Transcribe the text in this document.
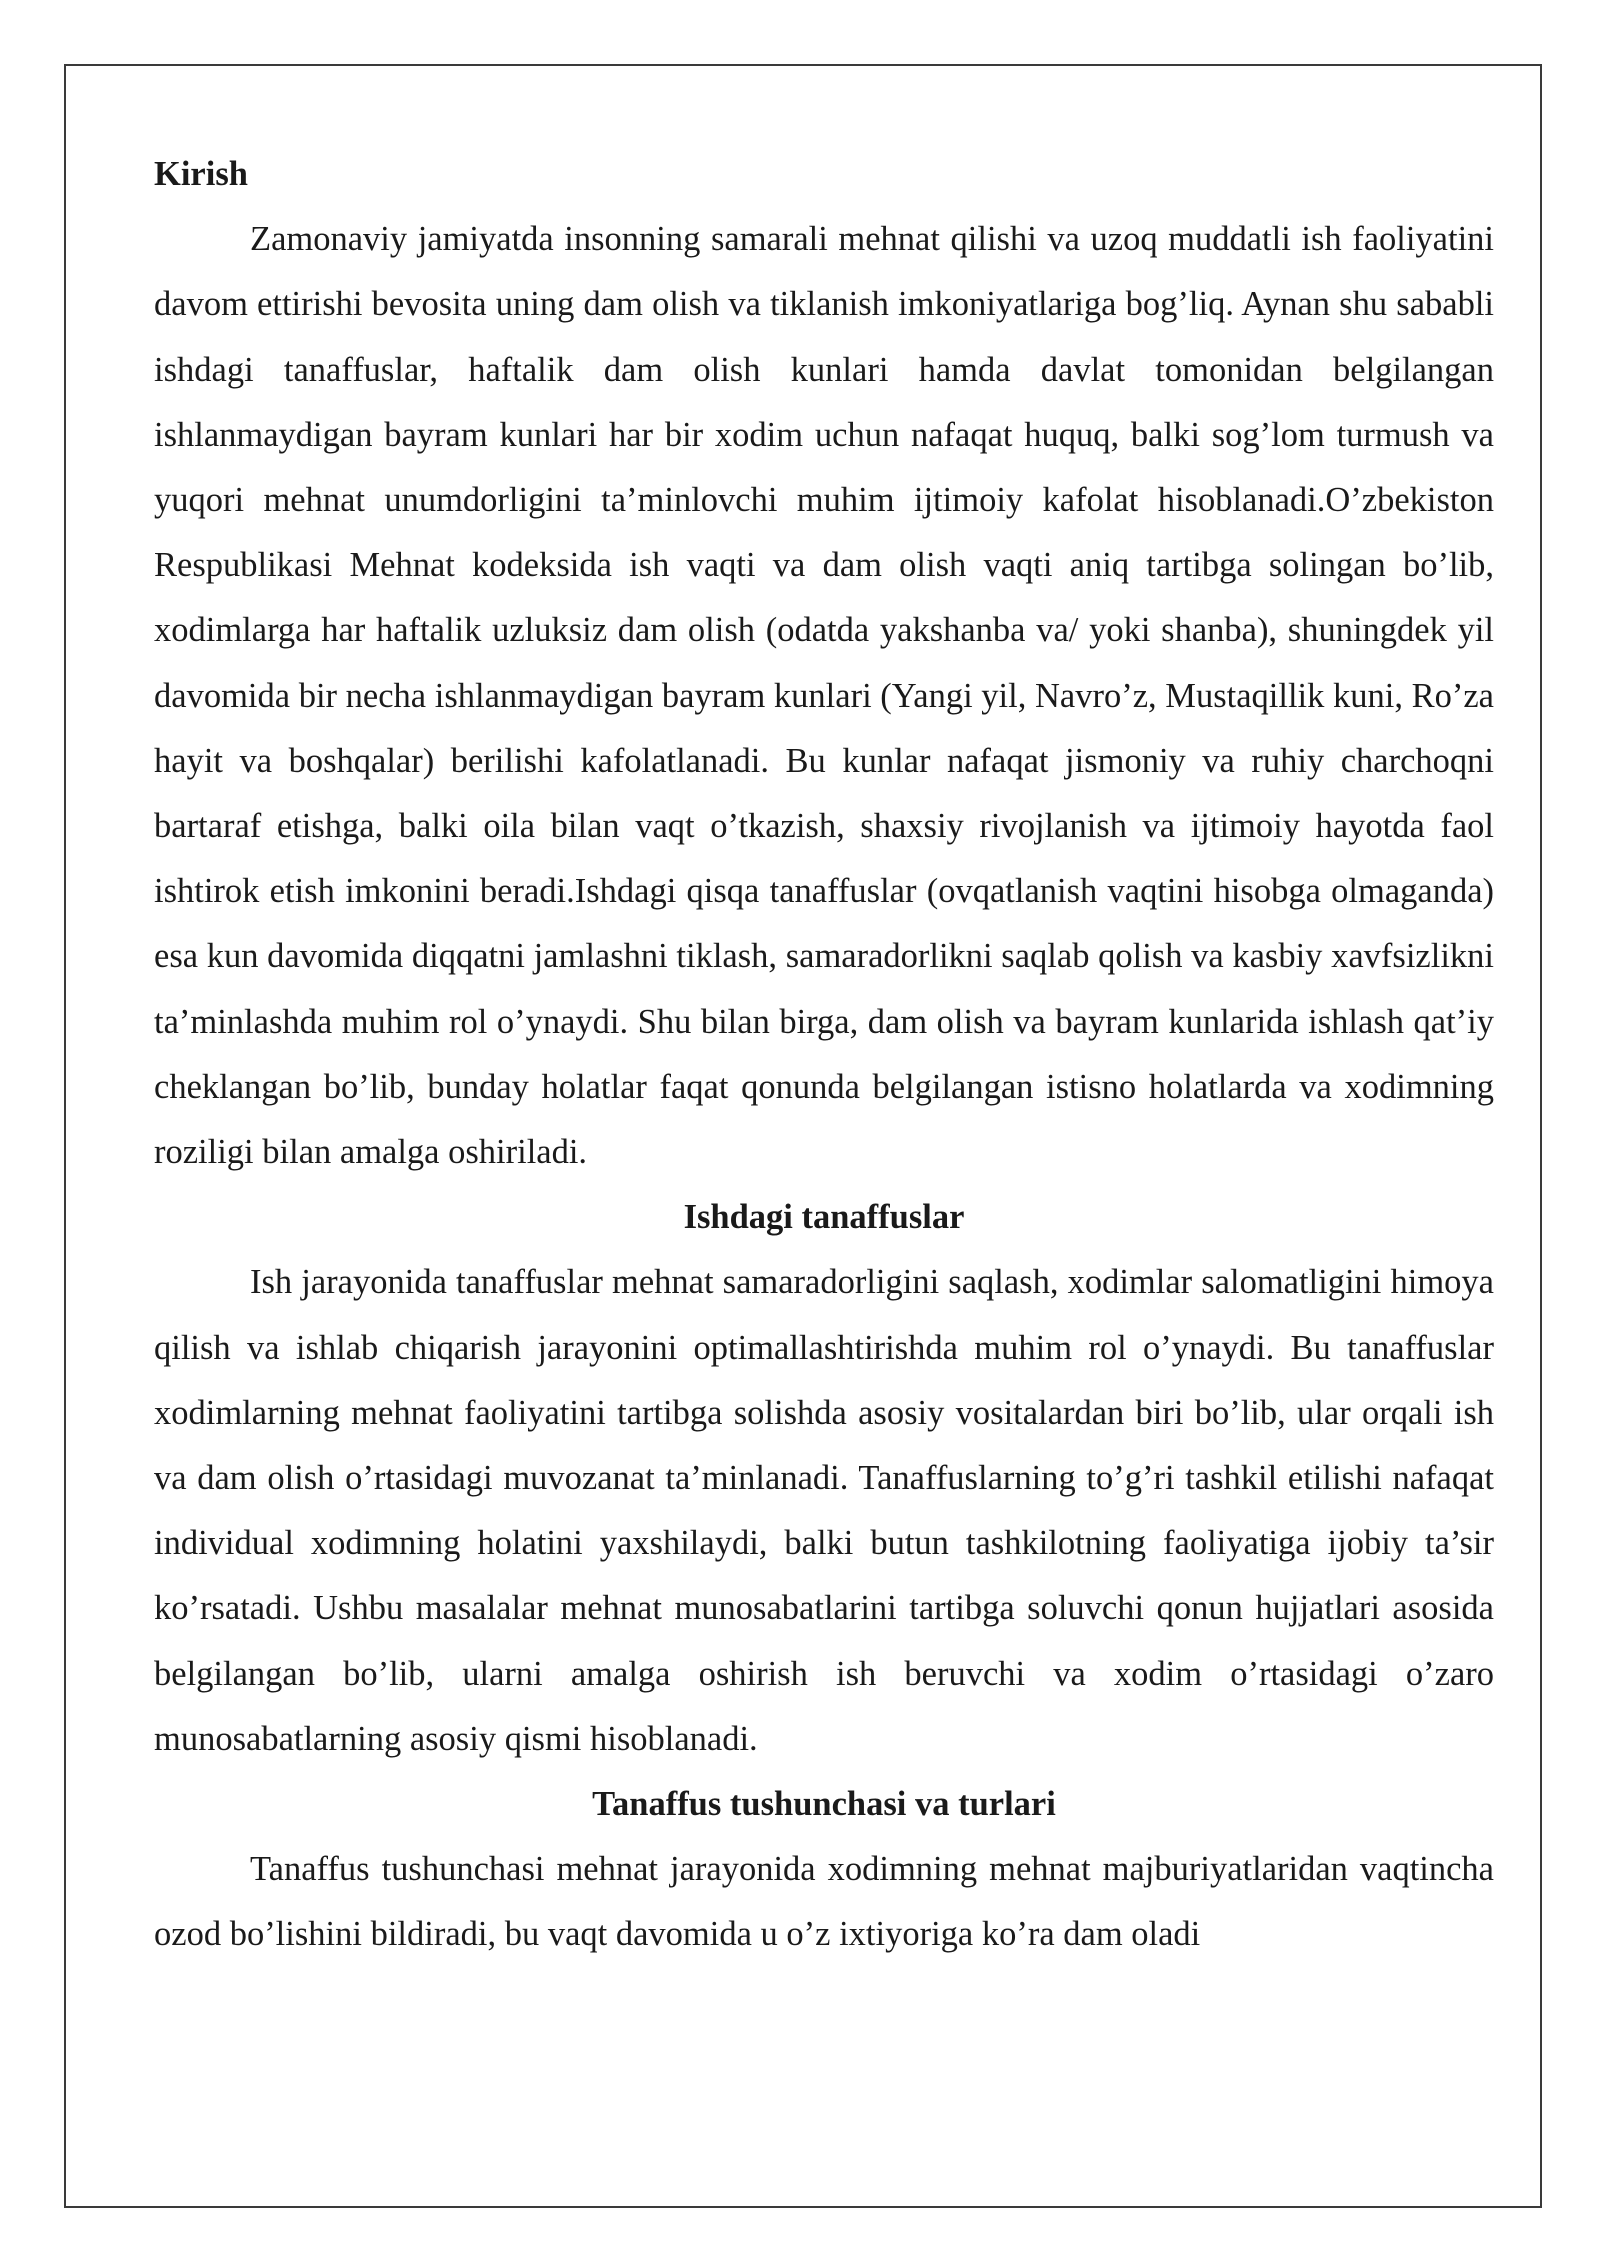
Kirish

Zamonaviy jamiyatda insonning samarali mehnat qilishi va uzoq muddatli ish faoliyatini davom ettirishi bevosita uning dam olish va tiklanish imkoniyatlariga bog’liq. Aynan shu sababli ishdagi tanaffuslar, haftalik dam olish kunlari hamda davlat tomonidan belgilangan ishlanmaydigan bayram kunlari har bir xodim uchun nafaqat huquq, balki sog’lom turmush va yuqori mehnat unumdorligini ta’minlovchi muhim ijtimoiy kafolat hisoblanadi.O’zbekiston Respublikasi Mehnat kodeksida ish vaqti va dam olish vaqti aniq tartibga solingan bo’lib, xodimlarga har haftalik uzluksiz dam olish (odatda yakshanba va/ yoki shanba), shuningdek yil davomida bir necha ishlanmaydigan bayram kunlari (Yangi yil, Navro’z, Mustaqillik kuni, Ro’za hayit va boshqalar) berilishi kafolatlanadi. Bu kunlar nafaqat jismoniy va ruhiy charchoqni bartaraf etishga, balki oila bilan vaqt o’tkazish, shaxsiy rivojlanish va ijtimoiy hayotda faol ishtirok etish imkonini beradi.Ishdagi qisqa tanaffuslar (ovqatlanish vaqtini hisobga olmaganda) esa kun davomida diqqatni jamlashni tiklash, samaradorlikni saqlab qolish va kasbiy xavfsizlikni ta’minlashda muhim rol o’ynaydi. Shu bilan birga, dam olish va bayram kunlarida ishlash qat’iy cheklangan bo’lib, bunday holatlar faqat qonunda belgilangan istisno holatlarda va xodimning roziligi bilan amalga oshiriladi.

Ishdagi tanaffuslar

Ish jarayonida tanaffuslar mehnat samaradorligini saqlash, xodimlar salomatligini himoya qilish va ishlab chiqarish jarayonini optimallashtirishda muhim rol o’ynaydi. Bu tanaffuslar xodimlarning mehnat faoliyatini tartibga solishda asosiy vositalardan biri bo’lib, ular orqali ish va dam olish o’rtasidagi muvozanat ta’minlanadi. Tanaffuslarning to’g’ri tashkil etilishi nafaqat individual xodimning holatini yaxshilaydi, balki butun tashkilotning faoliyatiga ijobiy ta’sir ko’rsatadi. Ushbu masalalar mehnat munosabatlarini tartibga soluvchi qonun hujjatlari asosida belgilangan bo’lib, ularni amalga oshirish ish beruvchi va xodim o’rtasidagi o’zaro munosabatlarning asosiy qismi hisoblanadi.

Tanaffus tushunchasi va turlari

Tanaffus tushunchasi mehnat jarayonida xodimning mehnat majburiyatlaridan vaqtincha ozod bo’lishini bildiradi, bu vaqt davomida u o’z ixtiyoriga ko’ra dam oladi
